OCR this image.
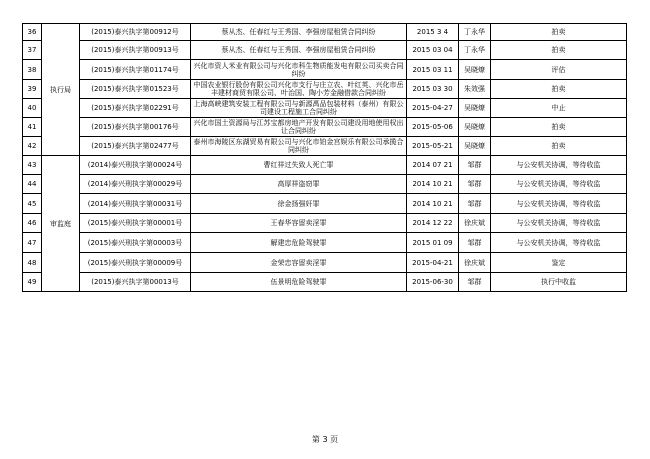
36	执行局	(2015)泰兴执字第00912号	蔡从杰、任春红与王秀国、李强房屋租赁合同纠纷	2015 3 4	丁永华	拍卖
37		(2015)泰兴执字第00913号	蔡从杰、任春红与王秀国、李强房屋租赁合同纠纷	2015 03 04	丁永华	拍卖
38		(2015)泰兴执字第01174号	兴化市资人米业有限公司与兴化市科生物质能发电有限公司买卖合同纠纷	2015 03 11	吴晓燎	评估
39		(2015)泰兴执字第01523号	中国农业银行股份有限公司兴化市支行与庄立农、叶红英、兴化市岳丰建材商贸有限公司、叶治国、陶小芳金融借款合同纠纷	2015 03 30	朱效强	拍卖
40		(2015)泰兴执字第02291号	上海高峡建筑安装工程有限公司与新源禹品包装材料（泰州）有限公司建设工程施工合同纠纷	2015-04-27	吴晓燎	中止
41		(2015)泰兴执字第00176号	兴化市国土资源局与江苏宝都房地产开发有限公司建设用地使用权出让合同纠纷	2015-05-06	吴晓燎	拍卖
42		(2015)泰兴执字第02477号	泰州市海陵区东湖贸易有限公司与兴化市铂金宫娱乐有限公司承揽合同纠纷	2015-05-21	吴晓燎	拍卖
43	审监庭	(2014)泰兴刑执字第00024号	曹红祥过失致人死亡罪	2014 07 21	邹群	与公安机关协调，等待收监
44		(2014)泰兴刑执字第00029号	高厚祥盗窃罪	2014 10 21	邹群	与公安机关协调，等待收监
45		(2014)泰兴刑执字第00031号	徐金扬强奸罪	2014 10 21	邹群	与公安机关协调，等待收监
46		(2015)泰兴刑执字第00001号	王春华容留卖淫罪	2014 12 22	徐庆斌	与公安机关协调，等待收监
47		(2015)泰兴刑执字第00003号	解建忠危险驾驶罪	2015 01 09	邹群	与公安机关协调，等待收监
48		(2015)泰兴刑执字第00009号	金荣忠容留卖淫罪	2015-04-21	徐庆斌	鉴定
49		(2015)泰兴执字第00013号	伍景明危险驾驶罪	2015-06-30	邹群	执行中收监
第 3 页
